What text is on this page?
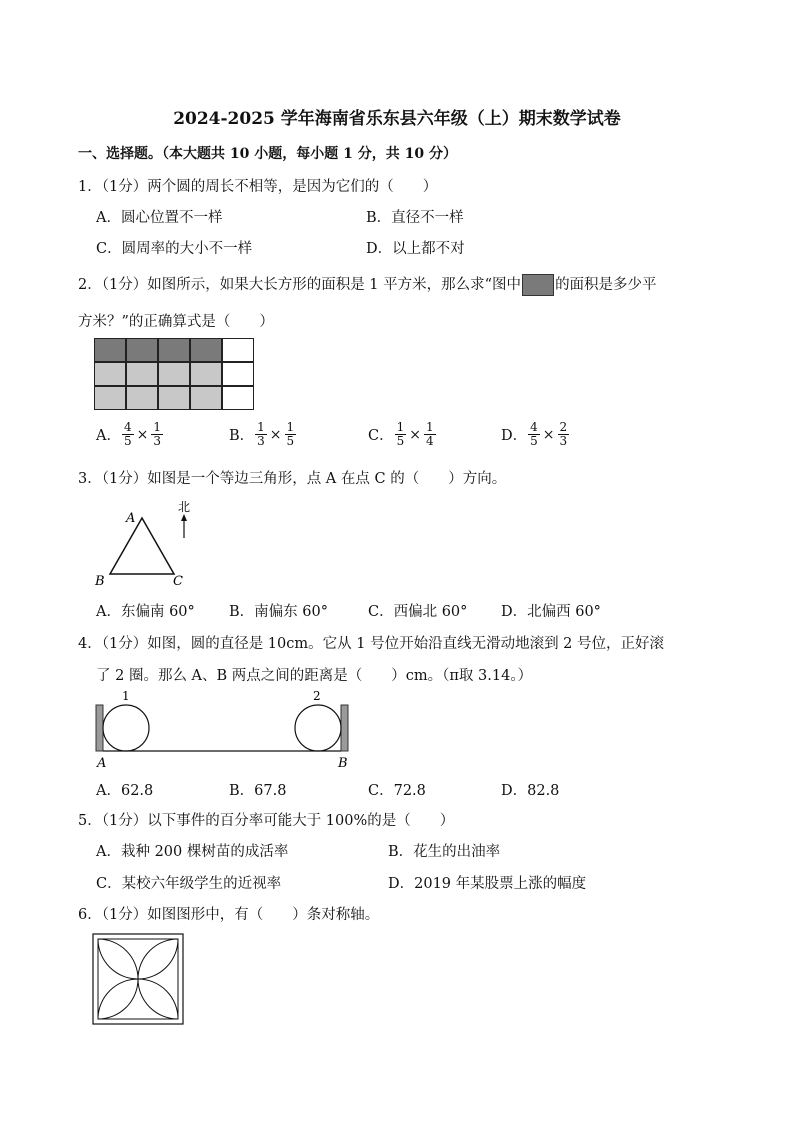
2024-2025 学年海南省乐东县六年级（上）期末数学试卷
一、选择题。（本大题共 10 小题，每小题 1 分，共 10 分）
1．（1分）两个圆的周长不相等，是因为它们的（　　）
A．圆心位置不一样	B．直径不一样
C．圆周率的大小不一样	D．以上都不对
2．（1分）如图所示，如果大长方形的面积是 1 平方米，那么求“图中 的面积是多少平
方米？”的正确算式是（　　）
A． $\frac{4}{5} \times \frac{1}{3}$	B． $\frac{1}{3} \times \frac{1}{5}$	C． $\frac{1}{5} \times \frac{1}{4}$	D． $\frac{4}{5} \times \frac{2}{3}$
3．（1分）如图是一个等边三角形，点 A 在点 C 的（　　）方向。
A
B	C
北
A．东偏南 60° B．南偏东 60°	C．西偏北 60° D．北偏西 60°
4．（1分）如图，圆的直径是 10cm。它从 1 号位开始沿直线无滑动地滚到 2 号位，正好滚
了 2 圈。那么 A、B 两点之间的距离是（　　）cm。（π取 3.14。）
1	2
A	B
A．62.8	B．67.8	C．72.8	D．82.8
5．（1分）以下事件的百分率可能大于 100%的是（　　）
A．栽种 200 棵树苗的成活率	B．花生的出油率
C．某校六年级学生的近视率	D．2019 年某股票上涨的幅度
6．（1分）如图图形中，有（　　）条对称轴。
